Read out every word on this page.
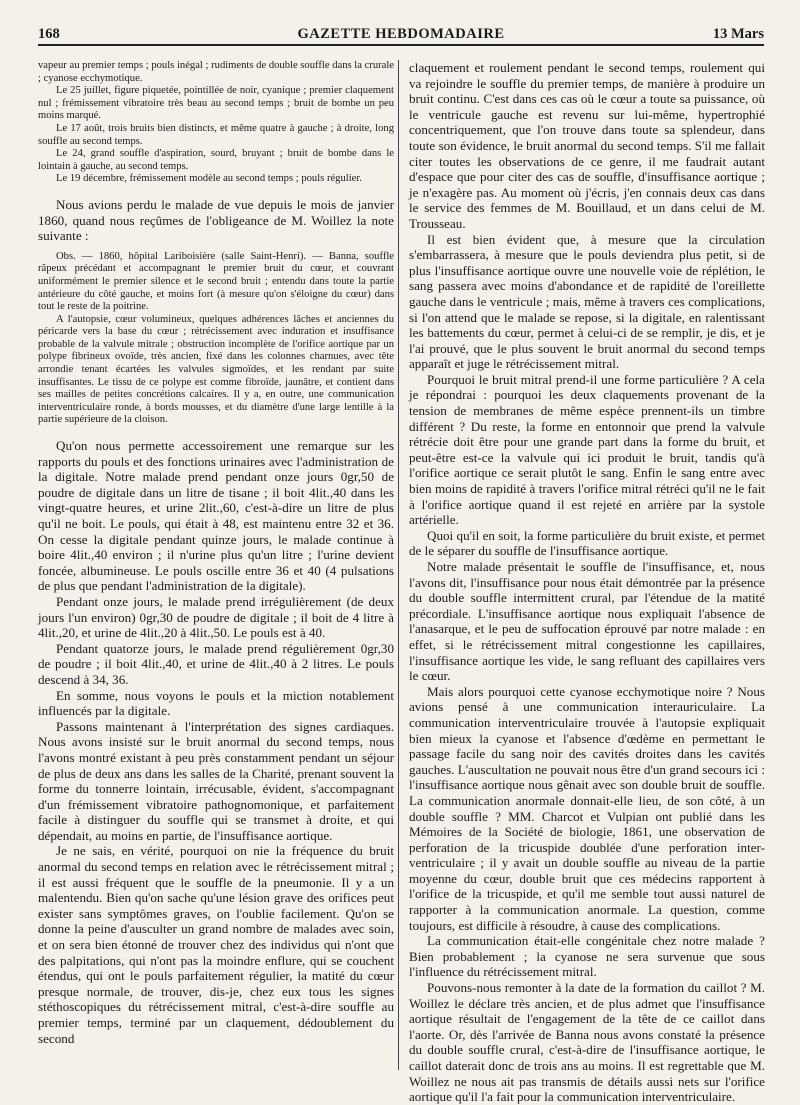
168	GAZETTE HEBDOMADAIRE	13 Mars

vapeur au premier temps ; pouls inégal ; rudiments de double souffle dans la crurale ; cyanose ecchymotique.

Le 25 juillet, figure piquetée, pointillée de noir, cyanique ; premier claquement nul ; frémissement vibratoire très beau au second temps ; bruit de bombe un peu moins marqué.

Le 17 août, trois bruits bien distincts, et même quatre à gauche ; à droite, long souffle au second temps.

Le 24, grand souffle d'aspiration, sourd, bruyant ; bruit de bombe dans le lointain à gauche, au second temps.

Le 19 décembre, frémissement modèle au second temps ; pouls régulier.

Nous avions perdu le malade de vue depuis le mois de janvier 1860, quand nous reçûmes de l'obligeance de M. Woillez la note suivante :

Obs. — 1860, hôpital Lariboisière (salle Saint-Henri). — Banna, souffle râpeux précédant et accompagnant le premier bruit du cœur, et couvrant uniformément le premier silence et le second bruit ; entendu dans toute la partie antérieure du côté gauche, et moins fort (à mesure qu'on s'éloigne du cœur) dans tout le reste de la poitrine.

A l'autopsie, cœur volumineux, quelques adhérences lâches et anciennes du péricarde vers la base du cœur ; rétrécissement avec induration et insuffisance probable de la valvule mitrale ; obstruction incomplète de l'orifice aortique par un polype fibrineux ovoïde, très ancien, fixé dans les colonnes charnues, avec tête arrondie tenant écartées les valvules sigmoïdes, et les rendant par suite insuffisantes. Le tissu de ce polype est comme fibroïde, jaunâtre, et contient dans ses mailles de petites concrétions calcaires. Il y a, en outre, une communication interventriculaire ronde, à bords mousses, et du diamètre d'une large lentille à la partie supérieure de la cloison.

Qu'on nous permette accessoirement une remarque sur les rapports du pouls et des fonctions urinaires avec l'administration de la digitale. Notre malade prend pendant onze jours 0gr,50 de poudre de digitale dans un litre de tisane ; il boit 4lit.,40 dans les vingt-quatre heures, et urine 2lit.,60, c'est-à-dire un litre de plus qu'il ne boit. Le pouls, qui était à 48, est maintenu entre 32 et 36. On cesse la digitale pendant quinze jours, le malade continue à boire 4lit.,40 environ ; il n'urine plus qu'un litre ; l'urine devient foncée, albumineuse. Le pouls oscille entre 36 et 40 (4 pulsations de plus que pendant l'administration de la digitale).

Pendant onze jours, le malade prend irrégulièrement (de deux jours l'un environ) 0gr,30 de poudre de digitale ; il boit de 4 litre à 4lit.,20, et urine de 4lit.,20 à 4lit.,50. Le pouls est à 40.

Pendant quatorze jours, le malade prend régulièrement 0gr,30 de poudre ; il boit 4lit.,40, et urine de 4lit.,40 à 2 litres. Le pouls descend à 34, 36.

En somme, nous voyons le pouls et la miction notablement influencés par la digitale.

Passons maintenant à l'interprétation des signes cardiaques. Nous avons insisté sur le bruit anormal du second temps, nous l'avons montré existant à peu près constamment pendant un séjour de plus de deux ans dans les salles de la Charité, prenant souvent la forme du tonnerre lointain, irrécusable, évident, s'accompagnant d'un frémissement vibratoire pathognomonique, et parfaitement facile à distinguer du souffle qui se transmet à droite, et qui dépendait, au moins en partie, de l'insuffisance aortique.

Je ne sais, en vérité, pourquoi on nie la fréquence du bruit anormal du second temps en relation avec le rétrécissement mitral ; il est aussi fréquent que le souffle de la pneumonie. Il y a un malentendu. Bien qu'on sache qu'une lésion grave des orifices peut exister sans symptômes graves, on l'oublie facilement. Qu'on se donne la peine d'ausculter un grand nombre de malades avec soin, et on sera bien étonné de trouver chez des individus qui n'ont que des palpitations, qui n'ont pas la moindre enflure, qui se couchent étendus, qui ont le pouls parfaitement régulier, la matité du cœur presque normale, de trouver, dis-je, chez eux tous les signes stéthoscopiques du rétrécissement mitral, c'est-à-dire souffle au premier temps, terminé par un claquement, dédoublement du second

claquement et roulement pendant le second temps, roulement qui va rejoindre le souffle du premier temps, de manière à produire un bruit continu. C'est dans ces cas où le cœur a toute sa puissance, où le ventricule gauche est revenu sur lui-même, hypertrophié concentriquement, que l'on trouve dans toute sa splendeur, dans toute son évidence, le bruit anormal du second temps. S'il me fallait citer toutes les observations de ce genre, il me faudrait autant d'espace que pour citer des cas de souffle, d'insuffisance aortique ; je n'exagère pas. Au moment où j'écris, j'en connais deux cas dans le service des femmes de M. Bouillaud, et un dans celui de M. Trousseau.

Il est bien évident que, à mesure que la circulation s'embarrassera, à mesure que le pouls deviendra plus petit, si de plus l'insuffisance aortique ouvre une nouvelle voie de réplétion, le sang passera avec moins d'abondance et de rapidité de l'oreillette gauche dans le ventricule ; mais, même à travers ces complications, si l'on attend que le malade se repose, si la digitale, en ralentissant les battements du cœur, permet à celui-ci de se remplir, je dis, et je l'ai prouvé, que le plus souvent le bruit anormal du second temps apparaît et juge le rétrécissement mitral.

Pourquoi le bruit mitral prend-il une forme particulière ? A cela je répondrai : pourquoi les deux claquements provenant de la tension de membranes de même espèce prennent-ils un timbre différent ? Du reste, la forme en entonnoir que prend la valvule rétrécie doit être pour une grande part dans la forme du bruit, et peut-être est-ce la valvule qui ici produit le bruit, tandis qu'à l'orifice aortique ce serait plutôt le sang. Enfin le sang entre avec bien moins de rapidité à travers l'orifice mitral rétréci qu'il ne le fait à l'orifice aortique quand il est rejeté en arrière par la systole artérielle.

Quoi qu'il en soit, la forme particulière du bruit existe, et permet de le séparer du souffle de l'insuffisance aortique.

Notre malade présentait le souffle de l'insuffisance, et, nous l'avons dit, l'insuffisance pour nous était démontrée par la présence du double souffle intermittent crural, par l'étendue de la matité précordiale. L'insuffisance aortique nous expliquait l'absence de l'anasarque, et le peu de suffocation éprouvé par notre malade : en effet, si le rétrécissement mitral congestionne les capillaires, l'insuffisance aortique les vide, le sang refluant des capillaires vers le cœur.

Mais alors pourquoi cette cyanose ecchymotique noire ? Nous avions pensé à une communication interauriculaire. La communication interventriculaire trouvée à l'autopsie expliquait bien mieux la cyanose et l'absence d'œdème en permettant le passage facile du sang noir des cavités droites dans les cavités gauches. L'auscultation ne pouvait nous être d'un grand secours ici : l'insuffisance aortique nous gênait avec son double bruit de souffle. La communication anormale donnait-elle lieu, de son côté, à un double souffle ? MM. Charcot et Vulpian ont publié dans les Mémoires de la Société de biologie, 1861, une observation de perforation de la tricuspide doublée d'une perforation inter-ventriculaire ; il y avait un double souffle au niveau de la partie moyenne du cœur, double bruit que ces médecins rapportent à l'orifice de la tricuspide, et qu'il me semble tout aussi naturel de rapporter à la communication anormale. La question, comme toujours, est difficile à résoudre, à cause des complications.

La communication était-elle congénitale chez notre malade ? Bien probablement ; la cyanose ne sera survenue que sous l'influence du rétrécissement mitral.

Pouvons-nous remonter à la date de la formation du caillot ? M. Woillez le déclare très ancien, et de plus admet que l'insuffisance aortique résultait de l'engagement de la tête de ce caillot dans l'aorte. Or, dès l'arrivée de Banna nous avons constaté la présence du double souffle crural, c'est-à-dire de l'insuffisance aortique, le caillot daterait donc de trois ans au moins. Il est regrettable que M. Woillez ne nous ait pas transmis de détails aussi nets sur l'orifice aortique qu'il l'a fait pour la communication interventriculaire.
